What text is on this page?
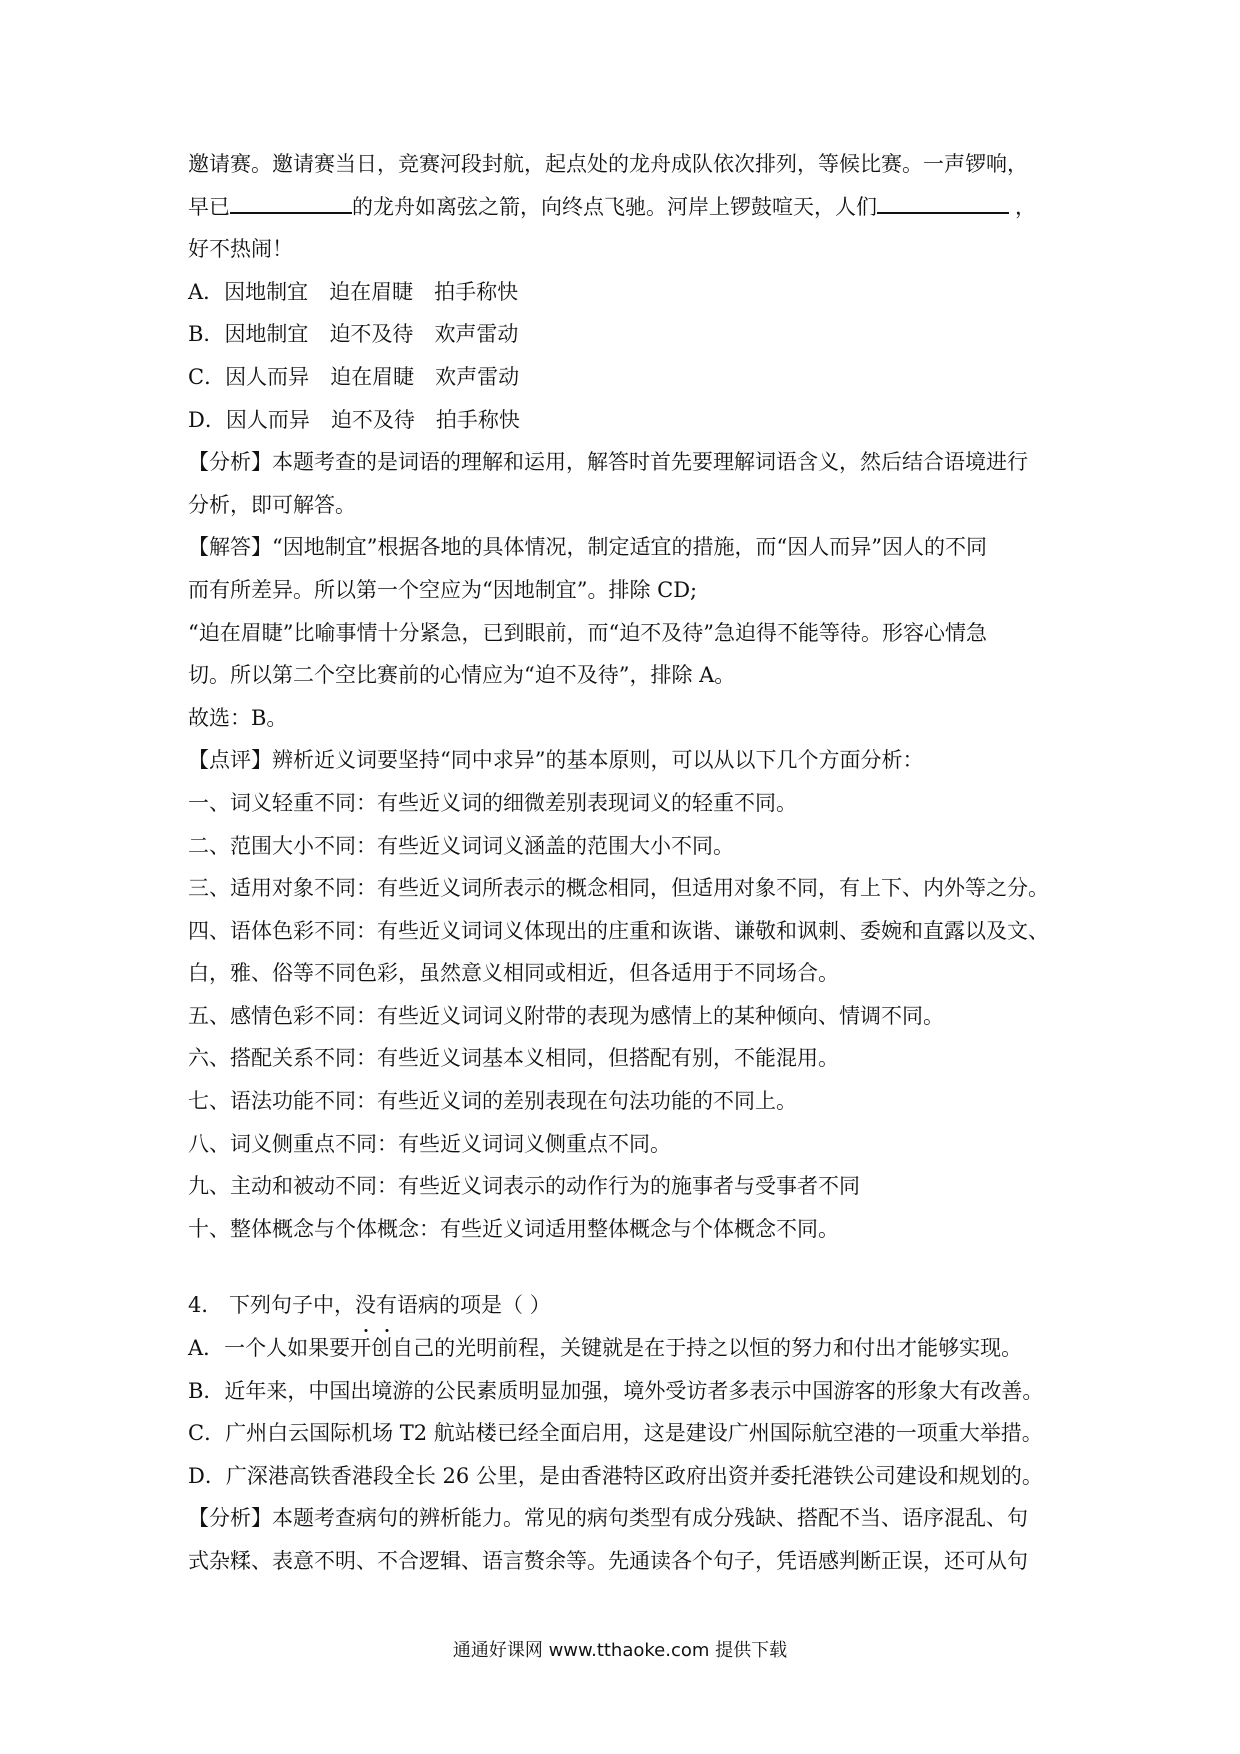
邀请赛。邀请赛当日，竞赛河段封航，起点处的龙舟成队依次排列，等候比赛。一声锣响，
早已	的龙舟如离弦之箭，向终点飞驰。河岸上锣鼓喧天，人们	，
好不热闹！
A．因地制宜　 迫在眉睫　 拍手称快
B．因地制宜　 迫不及待　 欢声雷动
C．因人而异　 迫在眉睫　 欢声雷动
D．因人而异　 迫不及待　 拍手称快
【分析】本题考查的是词语的理解和运用，解答时首先要理解词语含义，然后结合语境进行
分析，即可解答。
【解答】“因地制宜”根据各地的具体情况，制定适宜的措施，而“因人而异”因人的不同
而有所差异。所以第一个空应为“因地制宜”。排除 CD;
“迫在眉睫”比喻事情十分紧急，已到眼前，而“迫不及待”急迫得不能等待。形容心情急
切。所以第二个空比赛前的心情应为“迫不及待”，排除 A。
故选：B。
【点评】辨析近义词要坚持“同中求异”的基本原则，可以从以下几个方面分析：
一、词义轻重不同：有些近义词的细微差别表现词义的轻重不同。
二、范围大小不同：有些近义词词义涵盖的范围大小不同。
三、适用对象不同：有些近义词所表示的概念相同，但适用对象不同，有上下、内外等之分。
四、语体色彩不同：有些近义词词义体现出的庄重和诙谐、谦敬和讽刺、委婉和直露以及文、
白，雅、俗等不同色彩，虽然意义相同或相近，但各适用于不同场合。
五、感情色彩不同：有些近义词词义附带的表现为感情上的某种倾向、情调不同。
六、搭配关系不同：有些近义词基本义相同，但搭配有别，不能混用。
七、语法功能不同：有些近义词的差别表现在句法功能的不同上。
八、词义侧重点不同：有些近义词词义侧重点不同。
九、主动和被动不同：有些近义词表示的动作行为的施事者与受事者不同
十、整体概念与个体概念：有些近义词适用整体概念与个体概念不同。
4． 下列句子中，没有语病的项是（ ）
A．一个人如果要开创自己的光明前程，关键就是在于持之以恒的努力和付出才能够实现。
B．近年来，中国出境游的公民素质明显加强，境外受访者多表示中国游客的形象大有改善。
C．广州白云国际机场 T2 航站楼已经全面启用，这是建设广州国际航空港的一项重大举措。
D．广深港高铁香港段全长 26 公里，是由香港特区政府出资并委托港铁公司建设和规划的。
【分析】本题考查病句的辨析能力。常见的病句类型有成分残缺、搭配不当、语序混乱、句
式杂糅、表意不明、不合逻辑、语言赘余等。先通读各个句子，凭语感判断正误，还可从句
通通好课网 www.tthaoke.com 提供下载
